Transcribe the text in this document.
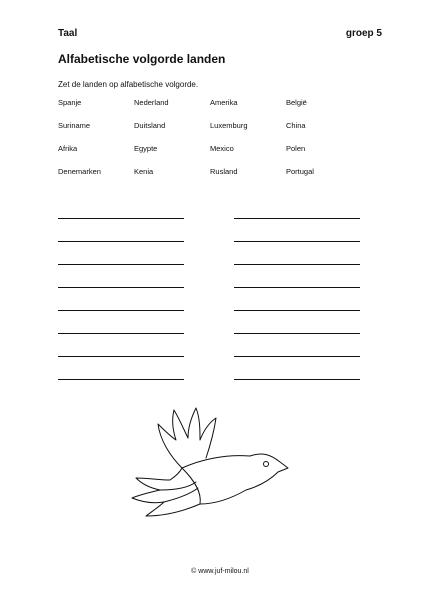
Taal	groep 5
Alfabetische volgorde landen
Zet de landen op alfabetische volgorde.
Spanje	Nederland	Amerika	België
Suriname	Duitsland	Luxemburg	China
Afrika	Egypte	Mexico	Polen
Denemarken	Kenia	Rusland	Portugal
© www.juf-milou.nl
